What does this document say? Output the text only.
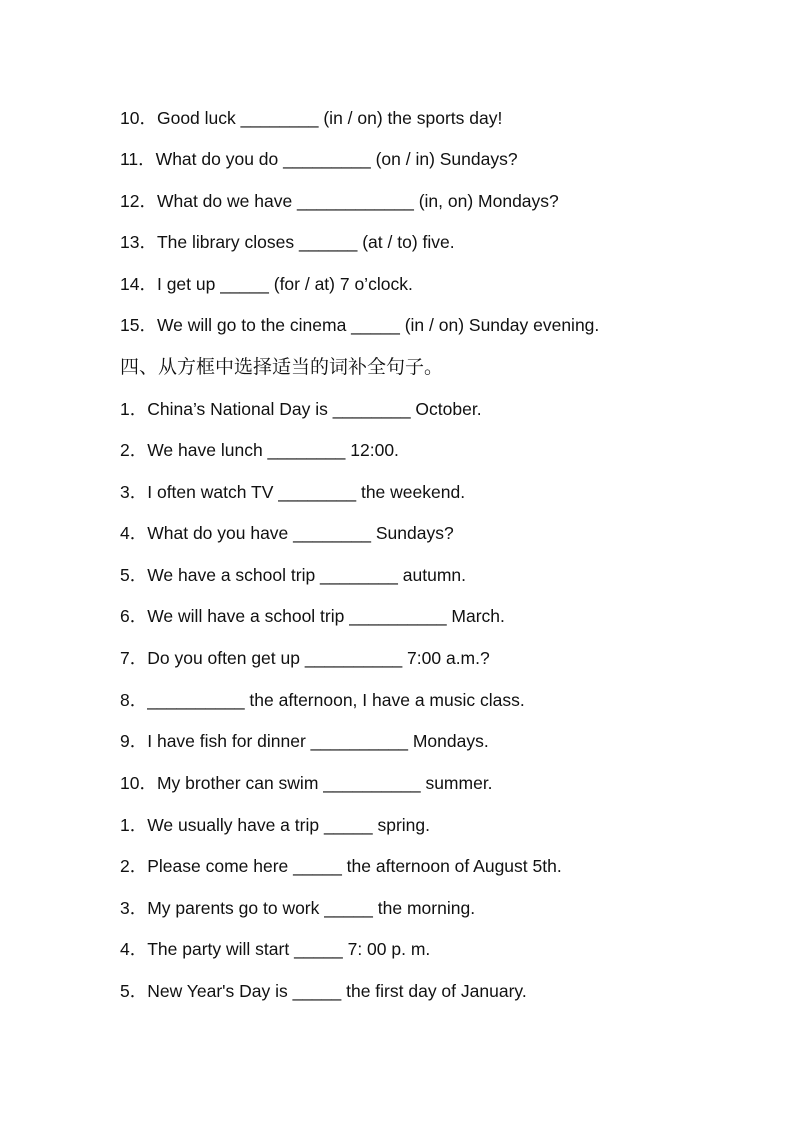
10．Good luck ________ (in / on) the sports day!
11．What do you do _________ (on / in) Sundays?
12．What do we have ____________ (in, on) Mondays?
13．The library closes ______ (at / to) five.
14．I get up _____ (for / at) 7 o’clock.
15．We will go to the cinema _____ (in / on) Sunday evening.
四、从方框中选择适当的词补全句子。
1．China’s National Day is ________ October.
2．We have lunch ________ 12:00.
3．I often watch TV ________ the weekend.
4．What do you have ________ Sundays?
5．We have a school trip ________ autumn.
6．We will have a school trip __________ March.
7．Do you often get up __________ 7:00 a.m.?
8．__________ the afternoon, I have a music class.
9．I have fish for dinner __________ Mondays.
10．My brother can swim __________ summer.
1．We usually have a trip _____ spring.
2．Please come here _____ the afternoon of August 5th.
3．My parents go to work _____ the morning.
4．The party will start _____ 7: 00 p. m.
5．New Year's Day is _____ the first day of January.
